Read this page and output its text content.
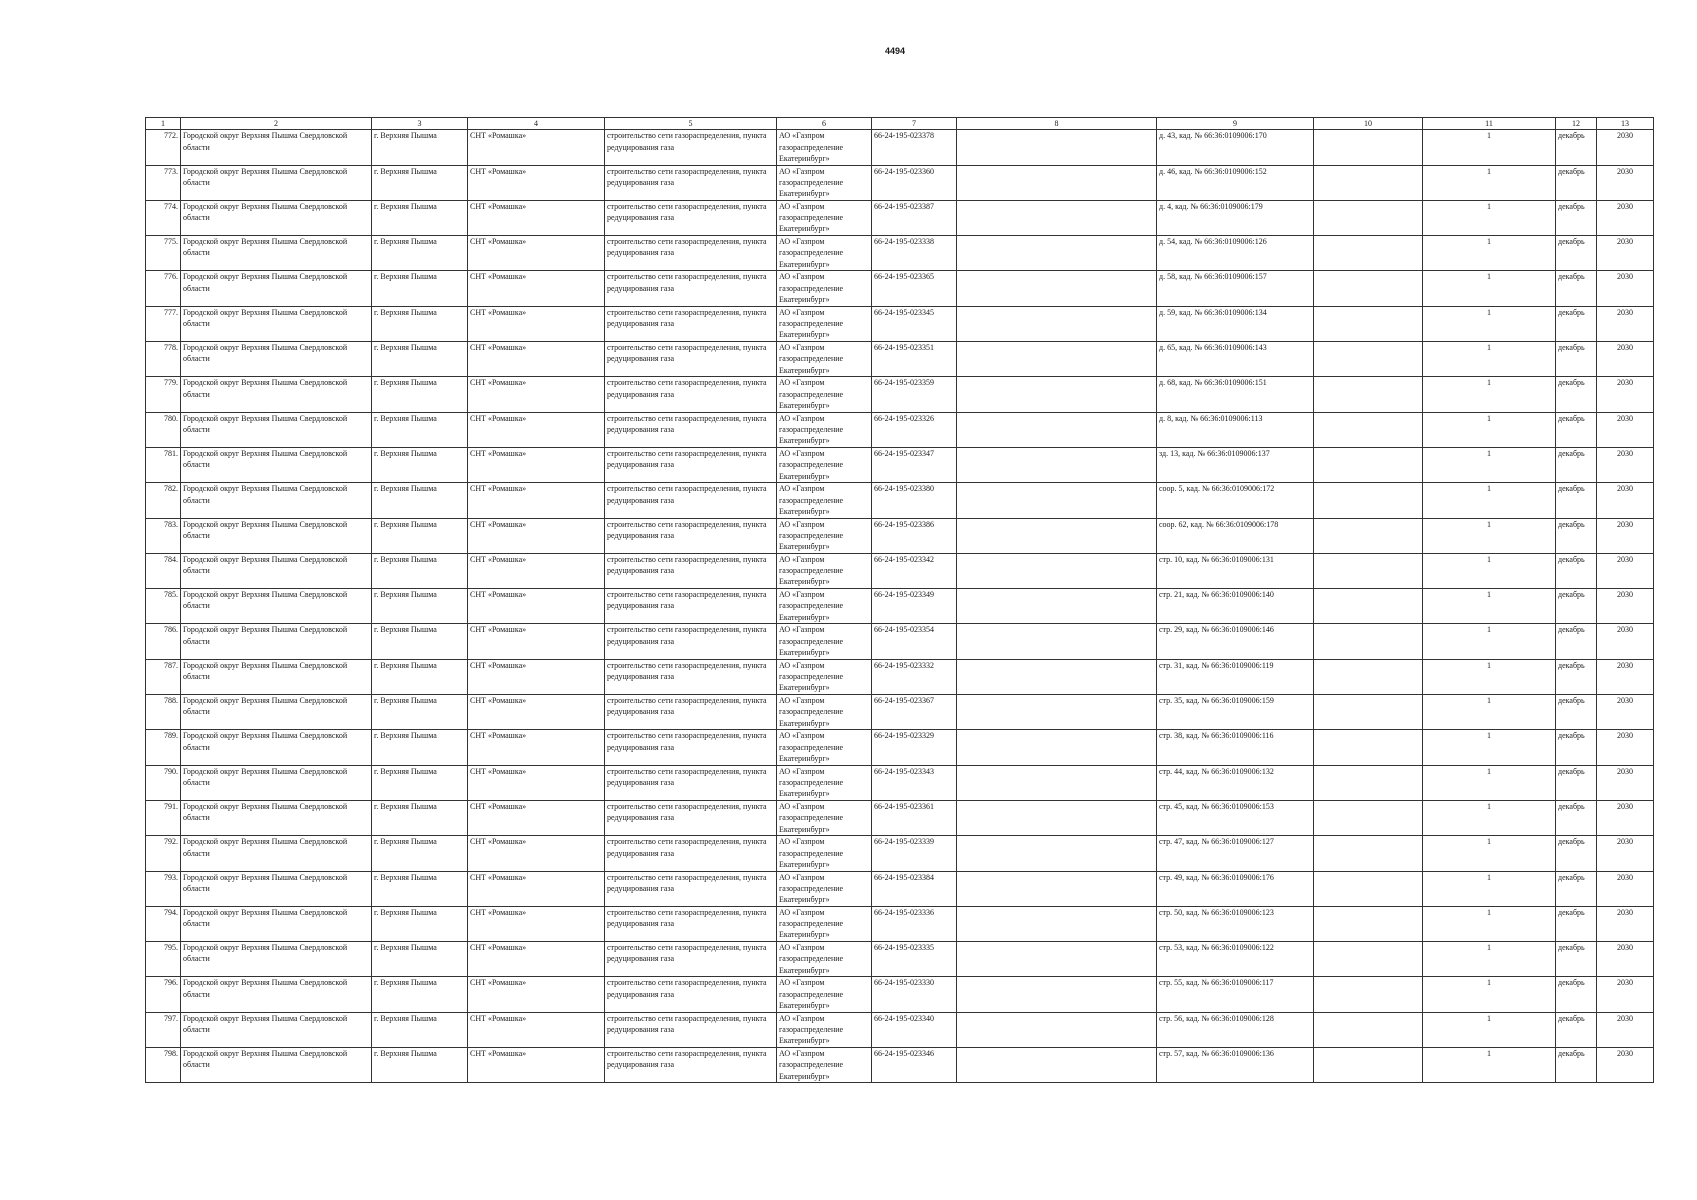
4494
1	2	3	4	5	6	7	8	9	10	11	12	13
772.	Городской округ Верхняя Пышма Свердловской области	г. Верхняя Пышма	СНТ «Ромашка»	строительство сети газораспределения, пункта редуцирования газа	АО «Газпром газораспределение Екатеринбург»	66-24-195-023378		д. 43, кад. № 66:36:0109006:170		1	декабрь	2030
773.	Городской округ Верхняя Пышма Свердловской области	г. Верхняя Пышма	СНТ «Ромашка»	строительство сети газораспределения, пункта редуцирования газа	АО «Газпром газораспределение Екатеринбург»	66-24-195-023360		д. 46, кад. № 66:36:0109006:152		1	декабрь	2030
774.	Городской округ Верхняя Пышма Свердловской области	г. Верхняя Пышма	СНТ «Ромашка»	строительство сети газораспределения, пункта редуцирования газа	АО «Газпром газораспределение Екатеринбург»	66-24-195-023387		д. 4, кад. № 66:36:0109006:179		1	декабрь	2030
775.	Городской округ Верхняя Пышма Свердловской области	г. Верхняя Пышма	СНТ «Ромашка»	строительство сети газораспределения, пункта редуцирования газа	АО «Газпром газораспределение Екатеринбург»	66-24-195-023338		д. 54, кад. № 66:36:0109006:126		1	декабрь	2030
776.	Городской округ Верхняя Пышма Свердловской области	г. Верхняя Пышма	СНТ «Ромашка»	строительство сети газораспределения, пункта редуцирования газа	АО «Газпром газораспределение Екатеринбург»	66-24-195-023365		д. 58, кад. № 66:36:0109006:157		1	декабрь	2030
777.	Городской округ Верхняя Пышма Свердловской области	г. Верхняя Пышма	СНТ «Ромашка»	строительство сети газораспределения, пункта редуцирования газа	АО «Газпром газораспределение Екатеринбург»	66-24-195-023345		д. 59, кад. № 66:36:0109006:134		1	декабрь	2030
778.	Городской округ Верхняя Пышма Свердловской области	г. Верхняя Пышма	СНТ «Ромашка»	строительство сети газораспределения, пункта редуцирования газа	АО «Газпром газораспределение Екатеринбург»	66-24-195-023351		д. 65, кад. № 66:36:0109006:143		1	декабрь	2030
779.	Городской округ Верхняя Пышма Свердловской области	г. Верхняя Пышма	СНТ «Ромашка»	строительство сети газораспределения, пункта редуцирования газа	АО «Газпром газораспределение Екатеринбург»	66-24-195-023359		д. 68, кад. № 66:36:0109006:151		1	декабрь	2030
780.	Городской округ Верхняя Пышма Свердловской области	г. Верхняя Пышма	СНТ «Ромашка»	строительство сети газораспределения, пункта редуцирования газа	АО «Газпром газораспределение Екатеринбург»	66-24-195-023326		д. 8, кад. № 66:36:0109006:113		1	декабрь	2030
781.	Городской округ Верхняя Пышма Свердловской области	г. Верхняя Пышма	СНТ «Ромашка»	строительство сети газораспределения, пункта редуцирования газа	АО «Газпром газораспределение Екатеринбург»	66-24-195-023347		зд. 13, кад. № 66:36:0109006:137		1	декабрь	2030
782.	Городской округ Верхняя Пышма Свердловской области	г. Верхняя Пышма	СНТ «Ромашка»	строительство сети газораспределения, пункта редуцирования газа	АО «Газпром газораспределение Екатеринбург»	66-24-195-023380		соор. 5, кад. № 66:36:0109006:172		1	декабрь	2030
783.	Городской округ Верхняя Пышма Свердловской области	г. Верхняя Пышма	СНТ «Ромашка»	строительство сети газораспределения, пункта редуцирования газа	АО «Газпром газораспределение Екатеринбург»	66-24-195-023386		соор. 62, кад. № 66:36:0109006:178		1	декабрь	2030
784.	Городской округ Верхняя Пышма Свердловской области	г. Верхняя Пышма	СНТ «Ромашка»	строительство сети газораспределения, пункта редуцирования газа	АО «Газпром газораспределение Екатеринбург»	66-24-195-023342		стр. 10, кад. № 66:36:0109006:131		1	декабрь	2030
785.	Городской округ Верхняя Пышма Свердловской области	г. Верхняя Пышма	СНТ «Ромашка»	строительство сети газораспределения, пункта редуцирования газа	АО «Газпром газораспределение Екатеринбург»	66-24-195-023349		стр. 21, кад. № 66:36:0109006:140		1	декабрь	2030
786.	Городской округ Верхняя Пышма Свердловской области	г. Верхняя Пышма	СНТ «Ромашка»	строительство сети газораспределения, пункта редуцирования газа	АО «Газпром газораспределение Екатеринбург»	66-24-195-023354		стр. 29, кад. № 66:36:0109006:146		1	декабрь	2030
787.	Городской округ Верхняя Пышма Свердловской области	г. Верхняя Пышма	СНТ «Ромашка»	строительство сети газораспределения, пункта редуцирования газа	АО «Газпром газораспределение Екатеринбург»	66-24-195-023332		стр. 31, кад. № 66:36:0109006:119		1	декабрь	2030
788.	Городской округ Верхняя Пышма Свердловской области	г. Верхняя Пышма	СНТ «Ромашка»	строительство сети газораспределения, пункта редуцирования газа	АО «Газпром газораспределение Екатеринбург»	66-24-195-023367		стр. 35, кад. № 66:36:0109006:159		1	декабрь	2030
789.	Городской округ Верхняя Пышма Свердловской области	г. Верхняя Пышма	СНТ «Ромашка»	строительство сети газораспределения, пункта редуцирования газа	АО «Газпром газораспределение Екатеринбург»	66-24-195-023329		стр. 38, кад. № 66:36:0109006:116		1	декабрь	2030
790.	Городской округ Верхняя Пышма Свердловской области	г. Верхняя Пышма	СНТ «Ромашка»	строительство сети газораспределения, пункта редуцирования газа	АО «Газпром газораспределение Екатеринбург»	66-24-195-023343		стр. 44, кад. № 66:36:0109006:132		1	декабрь	2030
791.	Городской округ Верхняя Пышма Свердловской области	г. Верхняя Пышма	СНТ «Ромашка»	строительство сети газораспределения, пункта редуцирования газа	АО «Газпром газораспределение Екатеринбург»	66-24-195-023361		стр. 45, кад. № 66:36:0109006:153		1	декабрь	2030
792.	Городской округ Верхняя Пышма Свердловской области	г. Верхняя Пышма	СНТ «Ромашка»	строительство сети газораспределения, пункта редуцирования газа	АО «Газпром газораспределение Екатеринбург»	66-24-195-023339		стр. 47, кад. № 66:36:0109006:127		1	декабрь	2030
793.	Городской округ Верхняя Пышма Свердловской области	г. Верхняя Пышма	СНТ «Ромашка»	строительство сети газораспределения, пункта редуцирования газа	АО «Газпром газораспределение Екатеринбург»	66-24-195-023384		стр. 49, кад. № 66:36:0109006:176		1	декабрь	2030
794.	Городской округ Верхняя Пышма Свердловской области	г. Верхняя Пышма	СНТ «Ромашка»	строительство сети газораспределения, пункта редуцирования газа	АО «Газпром газораспределение Екатеринбург»	66-24-195-023336		стр. 50, кад. № 66:36:0109006:123		1	декабрь	2030
795.	Городской округ Верхняя Пышма Свердловской области	г. Верхняя Пышма	СНТ «Ромашка»	строительство сети газораспределения, пункта редуцирования газа	АО «Газпром газораспределение Екатеринбург»	66-24-195-023335		стр. 53, кад. № 66:36:0109006:122		1	декабрь	2030
796.	Городской округ Верхняя Пышма Свердловской области	г. Верхняя Пышма	СНТ «Ромашка»	строительство сети газораспределения, пункта редуцирования газа	АО «Газпром газораспределение Екатеринбург»	66-24-195-023330		стр. 55, кад. № 66:36:0109006:117		1	декабрь	2030
797.	Городской округ Верхняя Пышма Свердловской области	г. Верхняя Пышма	СНТ «Ромашка»	строительство сети газораспределения, пункта редуцирования газа	АО «Газпром газораспределение Екатеринбург»	66-24-195-023340		стр. 56, кад. № 66:36:0109006:128		1	декабрь	2030
798.	Городской округ Верхняя Пышма Свердловской области	г. Верхняя Пышма	СНТ «Ромашка»	строительство сети газораспределения, пункта редуцирования газа	АО «Газпром газораспределение Екатеринбург»	66-24-195-023346		стр. 57, кад. № 66:36:0109006:136		1	декабрь	2030
